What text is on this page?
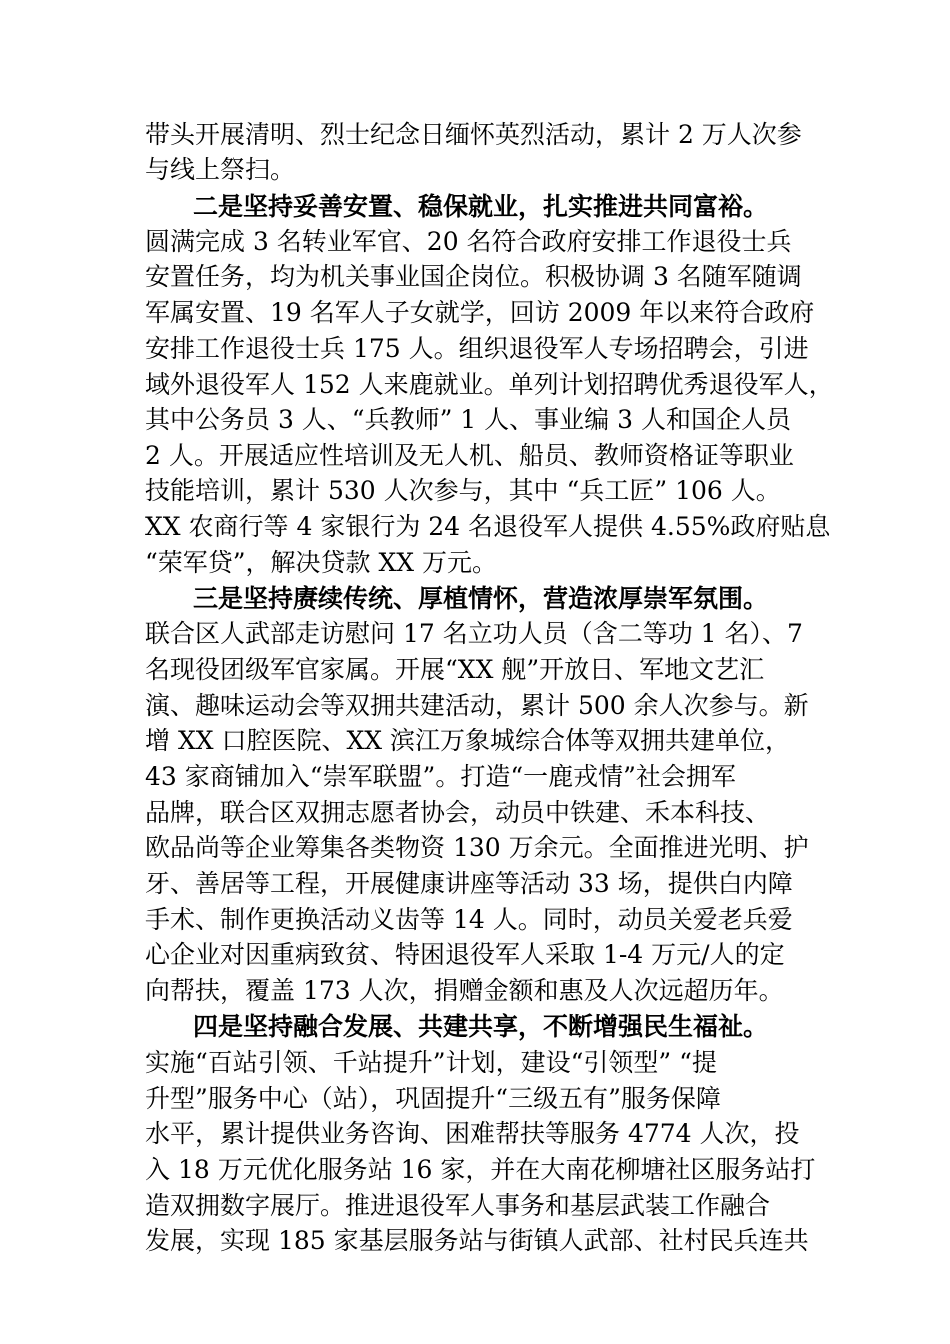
带头开展清明、烈士纪念日缅怀英烈活动，累计 2 万人次参

与线上祭扫。

二是坚持妥善安置、稳保就业，扎实推进共同富裕。

圆满完成 3 名转业军官、20 名符合政府安排工作退役士兵

安置任务，均为机关事业国企岗位。积极协调 3 名随军随调

军属安置、19 名军人子女就学，回访 2009 年以来符合政府

安排工作退役士兵 175 人。组织退役军人专场招聘会，引进

域外退役军人 152 人来鹿就业。单列计划招聘优秀退役军人，

其中公务员 3 人、“兵教师” 1 人、事业编 3 人和国企人员

2 人。开展适应性培训及无人机、船员、教师资格证等职业

技能培训，累计 530 人次参与，其中 “兵工匠” 106 人。

XX 农商行等 4 家银行为 24 名退役军人提供 4.55%政府贴息

“荣军贷”，解决贷款 XX 万元。

三是坚持赓续传统、厚植情怀，营造浓厚崇军氛围。

联合区人武部走访慰问 17 名立功人员（含二等功 1 名）、7

名现役团级军官家属。开展“XX 舰”开放日、军地文艺汇

演、趣味运动会等双拥共建活动，累计 500 余人次参与。新

增 XX 口腔医院、XX 滨江万象城综合体等双拥共建单位，

43 家商铺加入“崇军联盟”。打造“一鹿戎情”社会拥军

品牌，联合区双拥志愿者协会，动员中铁建、禾本科技、

欧品尚等企业筹集各类物资 130 万余元。全面推进光明、护

牙、善居等工程，开展健康讲座等活动 33 场，提供白内障

手术、制作更换活动义齿等 14 人。同时，动员关爱老兵爱

心企业对因重病致贫、特困退役军人采取 1-4 万元/人的定

向帮扶，覆盖 173 人次，捐赠金额和惠及人次远超历年。

四是坚持融合发展、共建共享，不断增强民生福祉。

实施“百站引领、千站提升”计划，建设“引领型” “提

升型”服务中心（站），巩固提升“三级五有”服务保障

水平，累计提供业务咨询、困难帮扶等服务 4774 人次，投

入 18 万元优化服务站 16 家，并在大南花柳塘社区服务站打

造双拥数字展厅。推进退役军人事务和基层武装工作融合

发展，实现 185 家基层服务站与街镇人武部、社村民兵连共
